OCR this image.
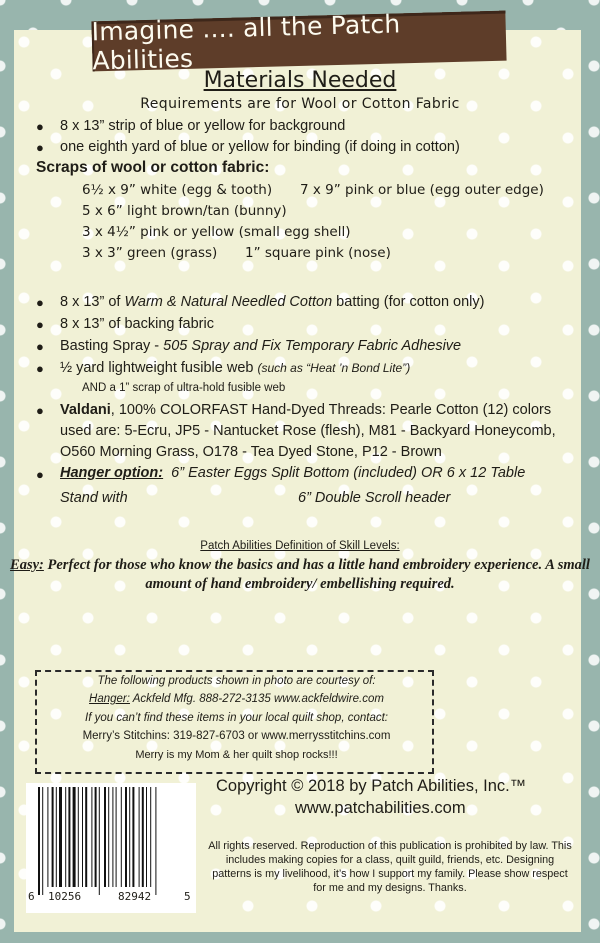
Imagine .... all the Patch Abilities
Materials Needed
Requirements are for Wool or Cotton Fabric
● 8 x 13” strip of blue or yellow for background
● one eighth yard of blue or yellow for binding (if doing in cotton)
Scraps of wool or cotton fabric:
6½ x 9” white (egg & tooth) 7 x 9” pink or blue (egg outer edge)
5 x 6” light brown/tan (bunny)
3 x 4½” pink or yellow (small egg shell)
3 x 3” green (grass) 1” square pink (nose)
● 8 x 13” of Warm & Natural Needled Cotton batting (for cotton only)
● 8 x 13” of backing fabric
● Basting Spray - 505 Spray and Fix Temporary Fabric Adhesive
● ½ yard lightweight fusible web (such as “Heat ’n Bond Lite”)
AND a 1” scrap of ultra-hold fusible web
● Valdani, 100% COLORFAST Hand-Dyed Threads: Pearle Cotton (12) colors
used are: 5-Ecru, JP5 - Nantucket Rose (flesh), M81 - Backyard Honeycomb,
O560 Morning Grass, O178 - Tea Dyed Stone, P12 - Brown
● Hanger option: 6” Easter Eggs Split Bottom (included) OR 6 x 12 Table
Stand with	6” Double Scroll header
Patch Abilities Definition of Skill Levels:
Easy: Perfect for those who know the basics and has a little hand embroidery experience. A small amount of hand embroidery/ embellishing required.
The following products shown in photo are courtesy of:
Hanger: Ackfeld Mfg. 888-272-3135 www.ackfeldwire.com
If you can’t find these items in your local quilt shop, contact:
Merry’s Stitchins: 319-827-6703 or www.merrysstitchins.com
Merry is my Mom & her quilt shop rocks!!!
Copyright © 2018 by Patch Abilities, Inc.™
www.patchabilities.com
All rights reserved. Reproduction of this publication is prohibited by law. This includes making copies for a class, quilt guild, friends, etc. Designing patterns is my livelihood, it’s how I support my family. Please show respect for me and my designs. Thanks.
6 10256	82942	5
